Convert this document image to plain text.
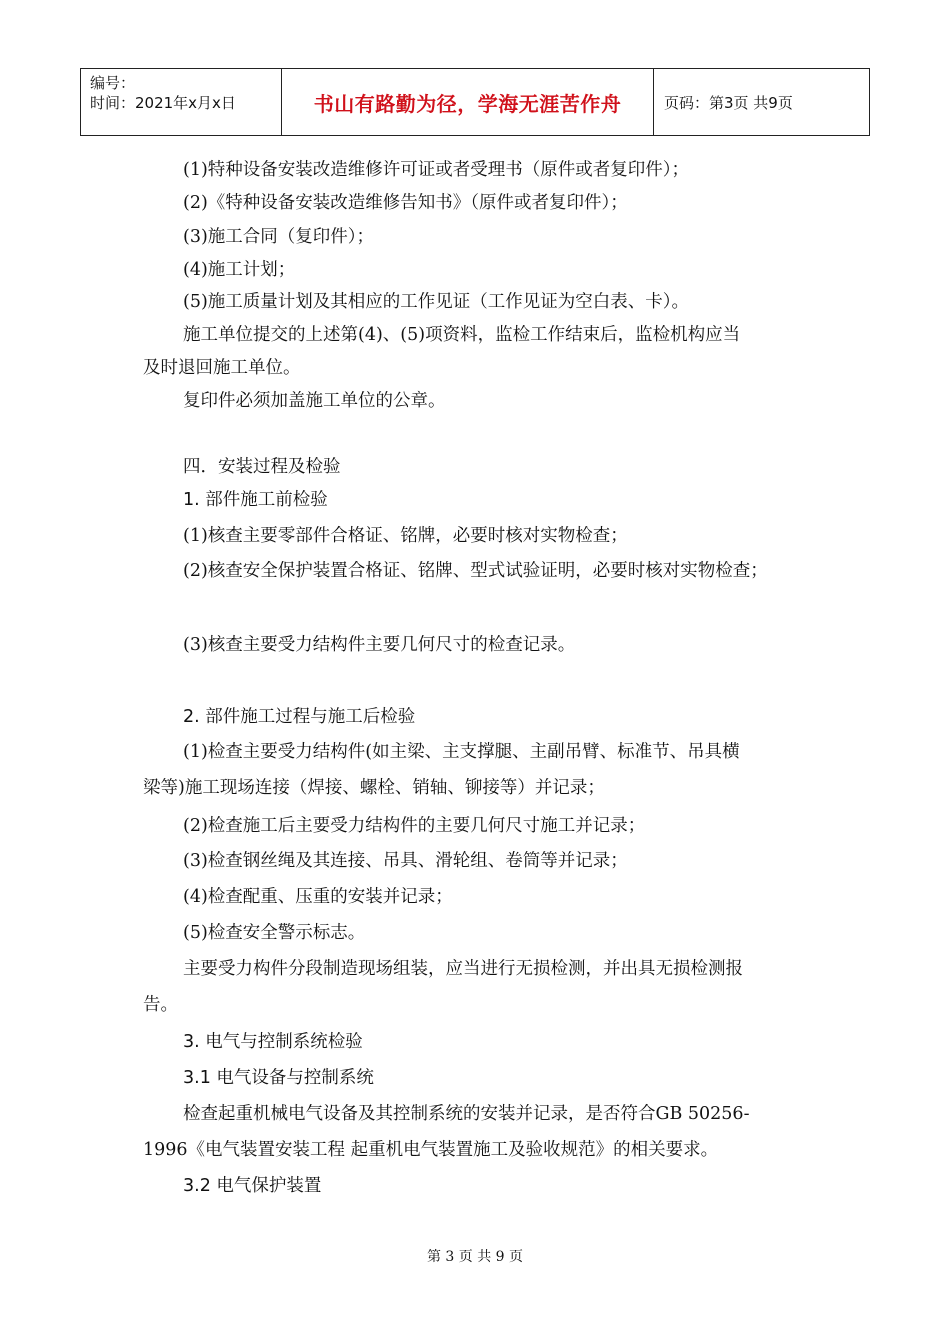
编号：
时间：2021年x月x日	书山有路勤为径，学海无涯苦作舟	页码：第3页 共9页
(1)特种设备安装改造维修许可证或者受理书（原件或者复印件）；
(2)《特种设备安装改造维修告知书》（原件或者复印件）；
(3)施工合同（复印件）；
(4)施工计划；
(5)施工质量计划及其相应的工作见证（工作见证为空白表、卡）。
施工单位提交的上述第(4)、(5)项资料，监检工作结束后，监检机构应当
及时退回施工单位。
复印件必须加盖施工单位的公章。
四．安装过程及检验
1. 部件施工前检验
(1)核查主要零部件合格证、铭牌，必要时核对实物检查；
(2)核查安全保护装置合格证、铭牌、型式试验证明，必要时核对实物检查；
(3)核查主要受力结构件主要几何尺寸的检查记录。
2. 部件施工过程与施工后检验
(1)检查主要受力结构件(如主梁、主支撑腿、主副吊臂、标准节、吊具横
梁等)施工现场连接（焊接、螺栓、销轴、铆接等）并记录；
(2)检查施工后主要受力结构件的主要几何尺寸施工并记录；
(3)检查钢丝绳及其连接、吊具、滑轮组、卷筒等并记录；
(4)检查配重、压重的安装并记录；
(5)检查安全警示标志。
主要受力构件分段制造现场组装，应当进行无损检测，并出具无损检测报
告。
3. 电气与控制系统检验
3.1 电气设备与控制系统
检查起重机械电气设备及其控制系统的安装并记录，是否符合GB 50256-
1996《电气装置安装工程 起重机电气装置施工及验收规范》的相关要求。
3.2 电气保护装置
第 3 页 共 9 页
